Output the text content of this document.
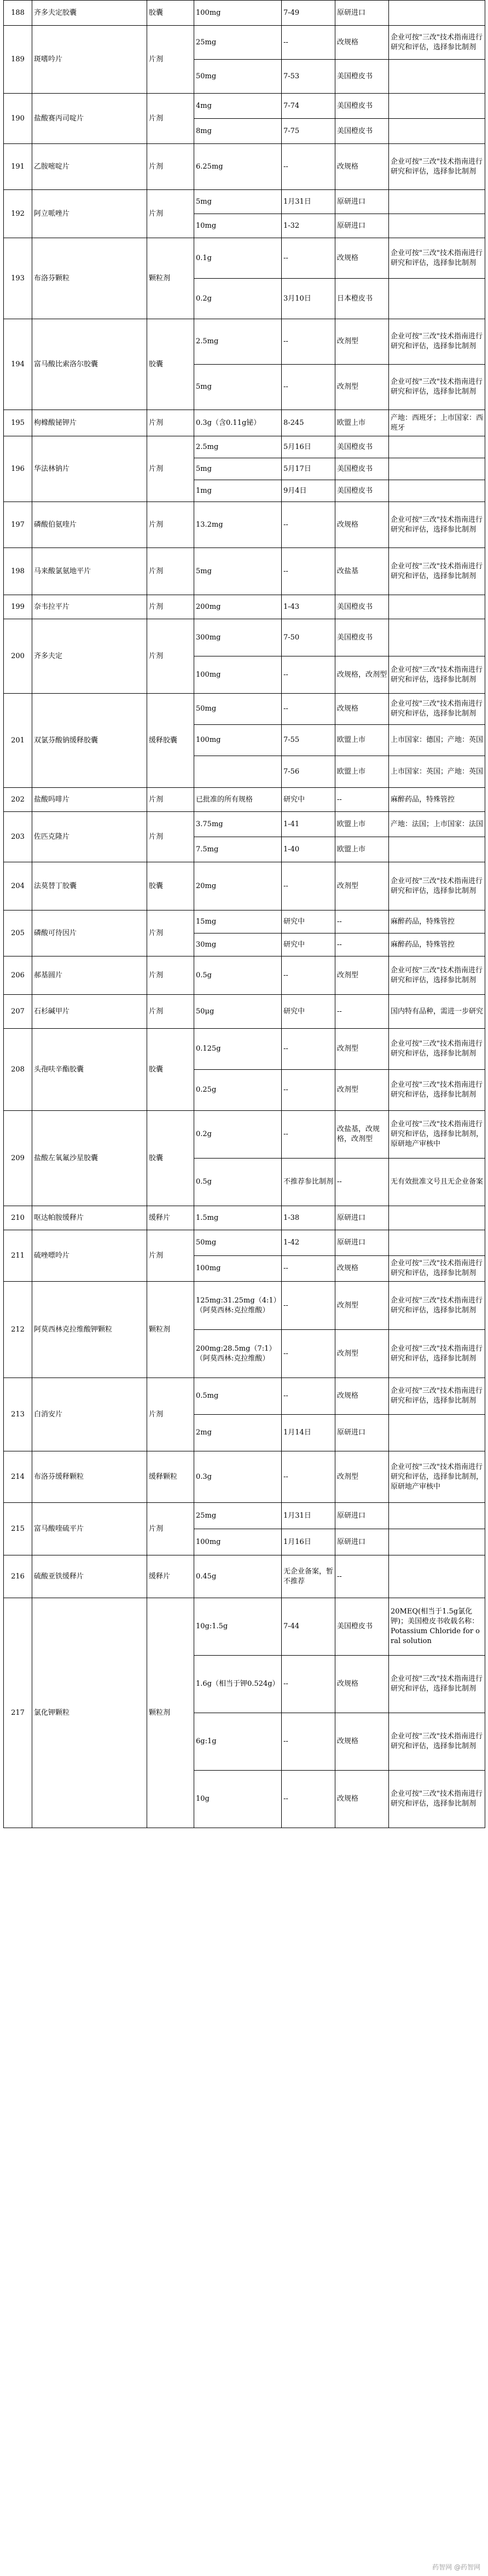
188	齐多夫定胶囊	胶囊	100mg	7-49	原研进口	
189	斑嗜吟片	片剂	25mg	--	改规格	企业可按"三改"技术指南进行研究和评估，选择参比制剂
			50mg	7-53	美国橙皮书	
190	盐酸赛丙司啶片	片剂	4mg	7-74	美国橙皮书	
			8mg	7-75	美国橙皮书	
191	乙胺嘧啶片	片剂	6.25mg	--	改规格	企业可按"三改"技术指南进行研究和评估，选择参比制剂
192	阿立哌唑片	片剂	5mg	1月31日	原研进口	
			10mg	1-32	原研进口	
193	布洛芬颗粒	颗粒剂	0.1g	--	改规格	企业可按"三改"技术指南进行研究和评估，选择参比制剂
			0.2g	3月10日	日本橙皮书	
194	富马酸比索洛尔胶囊	胶囊	2.5mg	--	改剂型	企业可按"三改"技术指南进行研究和评估，选择参比制剂
			5mg	--	改剂型	企业可按"三改"技术指南进行研究和评估，选择参比制剂
195	枸橼酸铋钾片	片剂	0.3g（含0.11g铋）	8-245	欧盟上市	产地：西班牙；上市国家：西班牙
196	华法林钠片	片剂	2.5mg	5月16日	美国橙皮书	
			5mg	5月17日	美国橙皮书	
			1mg	9月4日	美国橙皮书	
197	磷酸伯氨喹片	片剂	13.2mg	--	改规格	企业可按"三改"技术指南进行研究和评估，选择参比制剂
198	马来酸氯氨地平片	片剂	5mg	--	改盐基	企业可按"三改"技术指南进行研究和评估，选择参比制剂
199	奈韦拉平片	片剂	200mg	1-43	美国橙皮书	
200	齐多夫定	片剂	300mg	7-50	美国橙皮书	
			100mg	--	改规格，改剂型	企业可按"三改"技术指南进行研究和评估，选择参比制剂
201	双氯芬酸钠缓释胶囊	缓释胶囊	50mg	--	改规格	企业可按"三改"技术指南进行研究和评估，选择参比制剂
			100mg	7-55	欧盟上市	上市国家：德国；产地：英国
				7-56	欧盟上市	上市国家：英国；产地：英国
202	盐酸吗啡片	片剂	已批准的所有规格	研究中	--	麻醉药品，特殊管控
203	佐匹克隆片	片剂	3.75mg	1-41	欧盟上市	产地：法国；上市国家：法国
			7.5mg	1-40	欧盟上市	
204	法莫替丁胶囊	胶囊	20mg	--	改剂型	企业可按"三改"技术指南进行研究和评估，选择参比制剂
205	磷酸可待因片	片剂	15mg	研究中	--	麻醉药品，特殊管控
			30mg	研究中	--	麻醉药品，特殊管控
206	郝基圆片	片剂	0.5g	--	改剂型	企业可按"三改"技术指南进行研究和评估，选择参比制剂
207	石杉碱甲片	片剂	50μg	研究中	--	国内特有品种，需进一步研究
208	头孢呋辛酯胶囊	胶囊	0.125g	--	改剂型	企业可按"三改"技术指南进行研究和评估，选择参比制剂
			0.25g	--	改剂型	企业可按"三改"技术指南进行研究和评估，选择参比制剂
209	盐酸左氧氟沙星胶囊	胶囊	0.2g	--	改盐基，改规格，改剂型	企业可按"三改"技术指南进行研究和评估，选择参比制剂，原研地产审核中
			0.5g	不推荐参比制剂	--	无有效批准文号且无企业备案
210	呕达帕胺缓释片	缓释片	1.5mg	1-38	原研进口	
211	硫唑嘌呤片	片剂	50mg	1-42	原研进口	
			100mg	--	改规格	企业可按"三改"技术指南进行研究和评估，选择参比制剂
212	阿莫西林克拉维酸钾颗粒	颗粒剂	125mg:31.25mg（4:1）（阿莫西林:克拉维酸）	--	改剂型	企业可按"三改"技术指南进行研究和评估，选择参比制剂
			200mg:28.5mg（7:1）（阿莫西林:克拉维酸）	--	改剂型	企业可按"三改"技术指南进行研究和评估，选择参比制剂
213	白消安片	片剂	0.5mg	--	改规格	企业可按"三改"技术指南进行研究和评估，选择参比制剂
			2mg	1月14日	原研进口	
214	布洛芬缓释颗粒	缓释颗粒	0.3g	--	改剂型	企业可按"三改"技术指南进行研究和评估，选择参比制剂，原研地产审核中
215	富马酸喹硫平片	片剂	25mg	1月31日	原研进口	
			100mg	1月16日	原研进口	
216	硫酸亚铁缓释片	缓释片	0.45g	无企业备案，暂不推荐	--	
217	氯化钾颗粒	颗粒剂	10g:1.5g	7-44	美国橙皮书	20MEQ(相当于1.5g氯化钾)；美国橙皮书收载名称：Potassium Chloride for oral solution
			1.6g（相当于钾0.524g）	--	改规格	企业可按"三改"技术指南进行研究和评估，选择参比制剂
			6g:1g	--	改规格	企业可按"三改"技术指南进行研究和评估，选择参比制剂
			10g	--	改规格	企业可按"三改"技术指南进行研究和评估，选择参比制剂
药智网 @药智网
